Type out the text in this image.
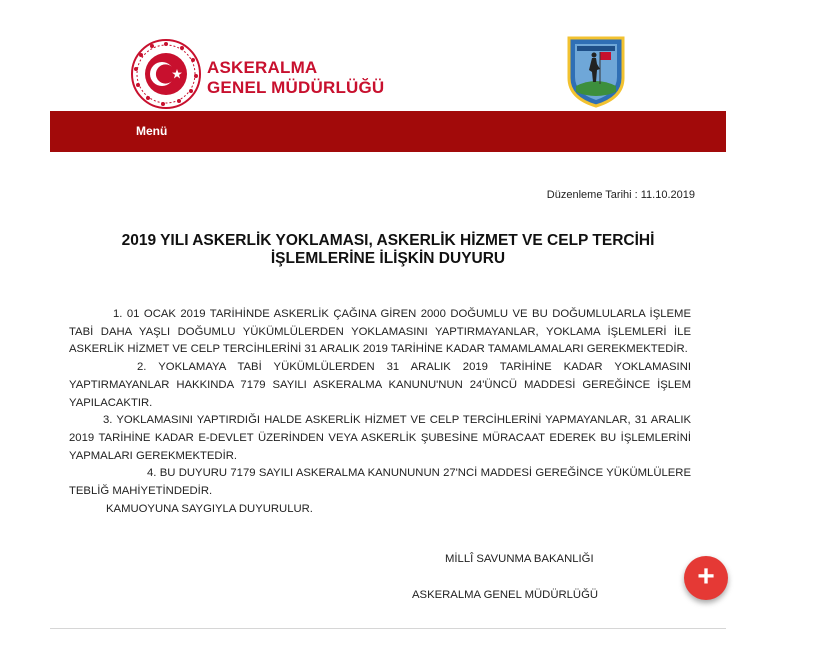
ASKERALMA
GENEL MÜDÜRLÜĞÜ
Menü
Düzenleme Tarihi : 11.10.2019
2019 YILI ASKERLİK YOKLAMASI, ASKERLİK HİZMET VE CELP TERCİHİ
İŞLEMLERİNE İLİŞKİN DUYURU

1. 01 OCAK 2019 TARİHİNDE ASKERLİK ÇAĞINA GİREN 2000 DOĞUMLU VE BU DOĞUMLULARLA İŞLEME TABİ DAHA YAŞLI DOĞUMLU YÜKÜMLÜLERDEN YOKLAMASINI YAPTIRMAYANLAR, YOKLAMA İŞLEMLERİ İLE ASKERLİK HİZMET VE CELP TERCİHLERİNİ 31 ARALIK 2019 TARİHİNE KADAR TAMAMLAMALARI GEREKMEKTEDİR.

2. YOKLAMAYA TABİ YÜKÜMLÜLERDEN 31 ARALIK 2019 TARİHİNE KADAR YOKLAMASINI YAPTIRMAYANLAR HAKKINDA 7179 SAYILI ASKERALMA KANUNU'NUN 24'ÜNCÜ MADDESİ GEREĞİNCE İŞLEM YAPILACAKTIR.

3. YOKLAMASINI YAPTIRDIĞI HALDE ASKERLİK HİZMET VE CELP TERCİHLERİNİ YAPMAYANLAR, 31 ARALIK 2019 TARİHİNE KADAR E-DEVLET ÜZERİNDEN VEYA ASKERLİK ŞUBESİNE MÜRACAAT EDEREK BU İŞLEMLERİNİ YAPMALARI GEREKMEKTEDİR.

4. BU DUYURU 7179 SAYILI ASKERALMA KANUNUNUN 27'NCİ MADDESİ GEREĞİNCE YÜKÜMLÜLERE TEBLİĞ MAHİYETİNDEDİR.

KAMUOYUNA SAYGIYLA DUYURULUR.

MİLLÎ SAVUNMA BAKANLIĞI
ASKERALMA GENEL MÜDÜRLÜĞÜ
+
